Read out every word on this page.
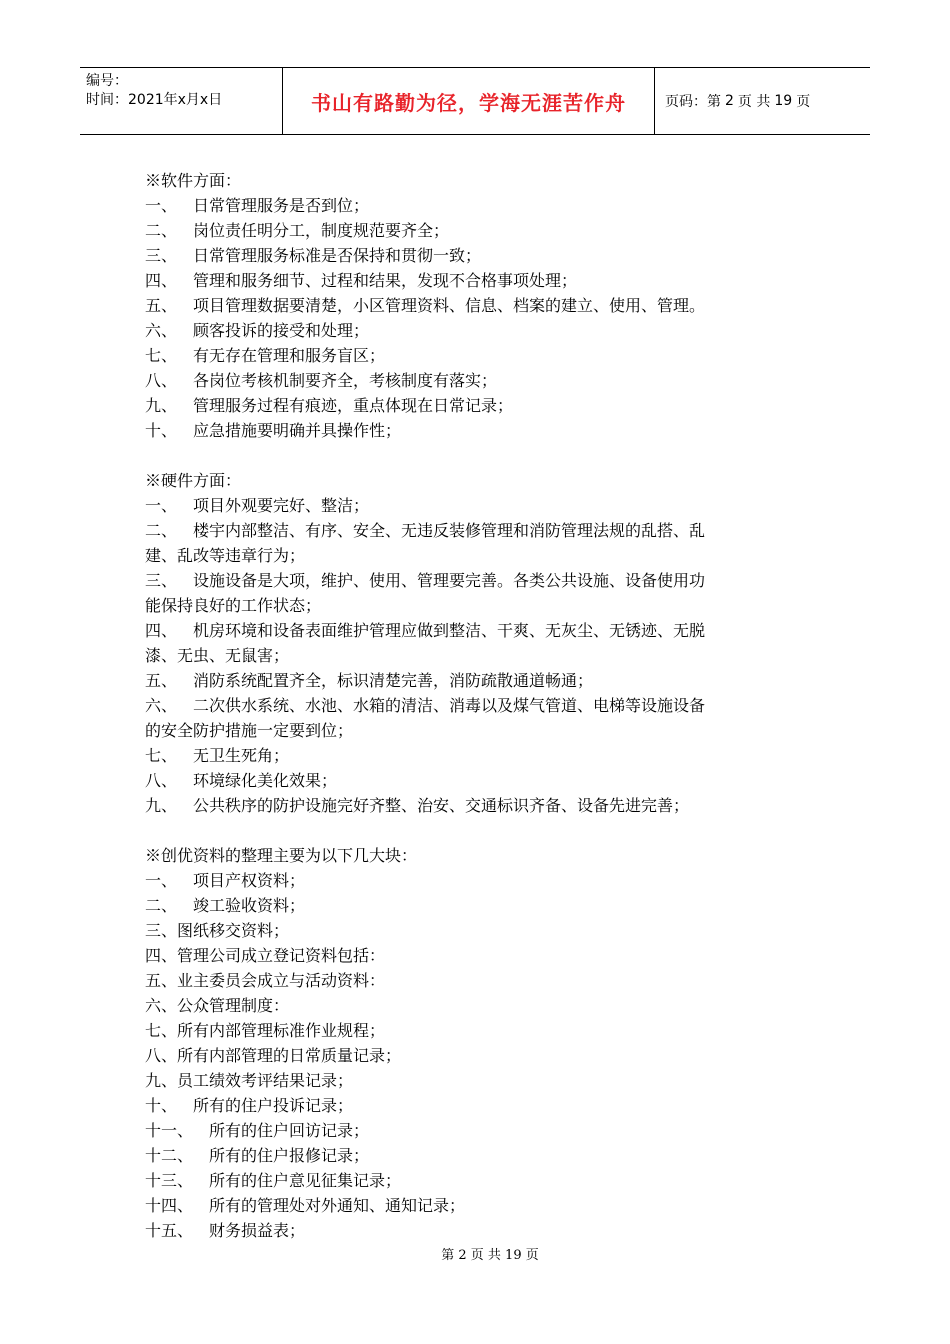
编号：
时间：2021年x月x日	书山有路勤为径，学海无涯苦作舟	页码：第 2 页 共 19 页
※软件方面：
一、 日常管理服务是否到位；
二、 岗位责任明分工，制度规范要齐全；
三、 日常管理服务标准是否保持和贯彻一致；
四、 管理和服务细节、过程和结果，发现不合格事项处理；
五、 项目管理数据要清楚，小区管理资料、信息、档案的建立、使用、管理。
六、 顾客投诉的接受和处理；
七、 有无存在管理和服务盲区；
八、 各岗位考核机制要齐全，考核制度有落实；
九、 管理服务过程有痕迹，重点体现在日常记录；
十、 应急措施要明确并具操作性；
※硬件方面：
一、 项目外观要完好、整洁；
二、 楼宇内部整洁、有序、安全、无违反装修管理和消防管理法规的乱搭、乱
建、乱改等违章行为；
三、 设施设备是大项，维护、使用、管理要完善。各类公共设施、设备使用功
能保持良好的工作状态；
四、 机房环境和设备表面维护管理应做到整洁、干爽、无灰尘、无锈迹、无脱
漆、无虫、无鼠害；
五、 消防系统配置齐全，标识清楚完善，消防疏散通道畅通；
六、 二次供水系统、水池、水箱的清洁、消毒以及煤气管道、电梯等设施设备
的安全防护措施一定要到位；
七、 无卫生死角；
八、 环境绿化美化效果；
九、 公共秩序的防护设施完好齐整、治安、交通标识齐备、设备先进完善；
※创优资料的整理主要为以下几大块：
一、 项目产权资料；
二、 竣工验收资料；
三、图纸移交资料；
四、管理公司成立登记资料包括：
五、业主委员会成立与活动资料：
六、公众管理制度：
七、所有内部管理标准作业规程；
八、所有内部管理的日常质量记录；
九、员工绩效考评结果记录；
十、 所有的住户投诉记录；
十一、 所有的住户回访记录；
十二、 所有的住户报修记录；
十三、 所有的住户意见征集记录；
十四、 所有的管理处对外通知、通知记录；
十五、 财务损益表；
第 2 页 共 19 页
